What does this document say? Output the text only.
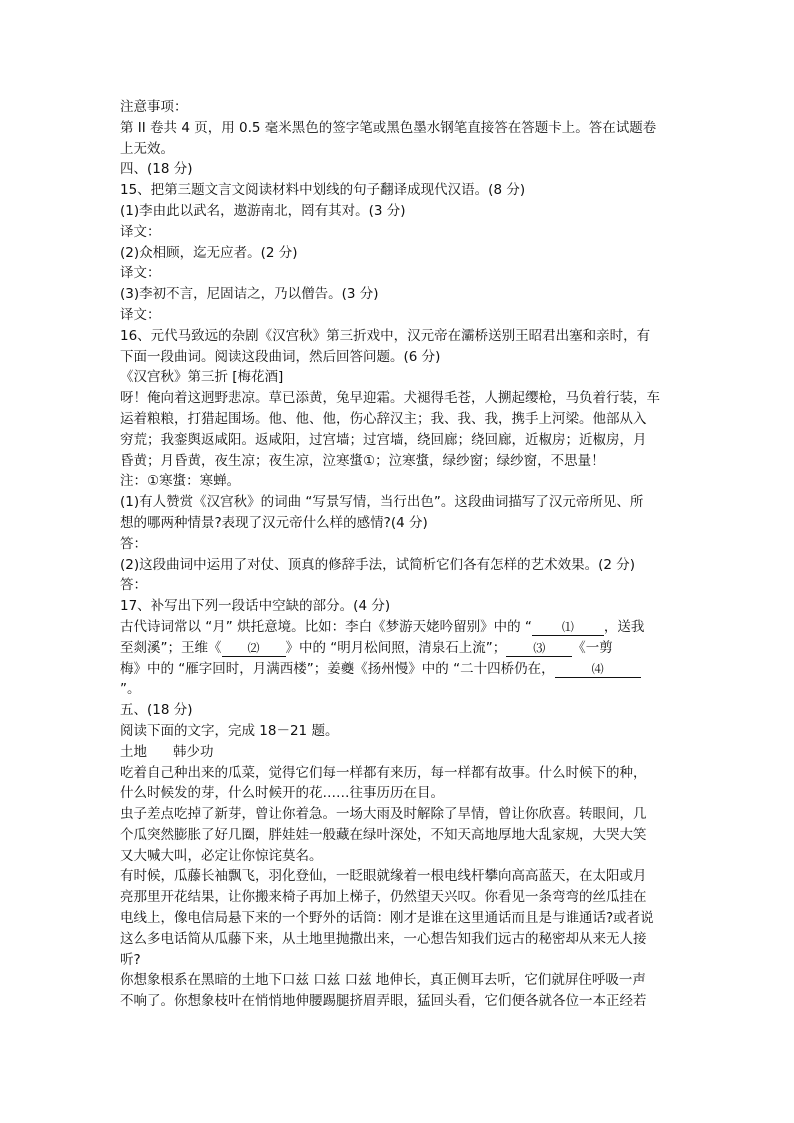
注意事项：
第 II 卷共 4 页，用 0.5 毫米黑色的签字笔或黑色墨水钢笔直接答在答题卡上。答在试题卷
上无效。
四、(18 分)
15、把第三题文言文阅读材料中划线的句子翻译成现代汉语。(8 分)
(1)李由此以武名，遨游南北，罔有其对。(3 分)
译文：
(2)众相顾，迄无应者。(2 分)
译文：
(3)李初不言，尼固诘之，乃以僧告。(3 分)
译文：
16、元代马致远的杂剧《汉宫秋》第三折戏中，汉元帝在灞桥送别王昭君出塞和亲时，有
下面一段曲词。阅读这段曲词，然后回答问题。(6 分)
《汉宫秋》第三折 [梅花酒]
呀！俺向着这迥野悲凉。草已添黄，兔早迎霜。犬褪得毛苍，人搠起缨枪，马负着行装，车
运着粮粮，打猎起围场。他、他、他，伤心辞汉主；我、我、我，携手上河梁。他部从入
穷荒；我銮舆返咸阳。返咸阳，过宫墙；过宫墙，绕回廊；绕回廊，近椒房；近椒房，月
昏黄；月昏黄，夜生凉；夜生凉，泣寒螀①；泣寒螀，绿纱窗；绿纱窗，不思量！
注：①寒螀：寒蝉。
(1)有人赞赏《汉宫秋》的词曲 “写景写情，当行出色”。这段曲词描写了汉元帝所见、所
想的哪两种情景?表现了汉元帝什么样的感情?(4 分)
答：
(2)这段曲词中运用了对仗、顶真的修辞手法，试简析它们各有怎样的艺术效果。(2 分)
答：
17、补写出下列一段话中空缺的部分。(4 分)
古代诗词常以 “月” 烘托意境。比如：李白《梦游天姥吟留别》中的 “ ⑴ ，送我
至剡溪”；王维《 ⑵ 》中的 “明月松间照，清泉石上流”； ⑶ 《一剪
梅》中的 “雁字回时，月满西楼”；姜夔《扬州慢》中的 “二十四桥仍在，	⑷
”。
五、(18 分)
阅读下面的文字，完成 18－21 题。
土地 韩少功
吃着自己种出来的瓜菜，觉得它们每一样都有来历，每一样都有故事。什么时候下的种，
什么时候发的芽，什么时候开的花……往事历历在目。
虫子差点吃掉了新芽，曾让你着急。一场大雨及时解除了旱情，曾让你欣喜。转眼间，几
个瓜突然膨胀了好几圈，胖娃娃一般藏在绿叶深处，不知天高地厚地大乱家规，大哭大笑
又大喊大叫，必定让你惊诧莫名。
有时候，瓜藤长袖飘飞，羽化登仙，一眨眼就缘着一根电线杆攀向高高蓝天，在太阳或月
亮那里开花结果，让你搬来椅子再加上梯子，仍然望天兴叹。你看见一条弯弯的丝瓜挂在
电线上，像电信局悬下来的一个野外的话筒：刚才是谁在这里通话而且是与谁通话?或者说
这么多电话简从瓜藤下来，从土地里抛撒出来，一心想告知我们远古的秘密却从来无人接
听?
你想象根系在黑暗的土地下口兹 口兹 口兹 地伸长，真正侧耳去听，它们就屏住呼吸一声
不响了。你想象枝叶在悄悄地伸腰踢腿挤眉弄眼，猛回头看，它们便各就各位一本正经若
